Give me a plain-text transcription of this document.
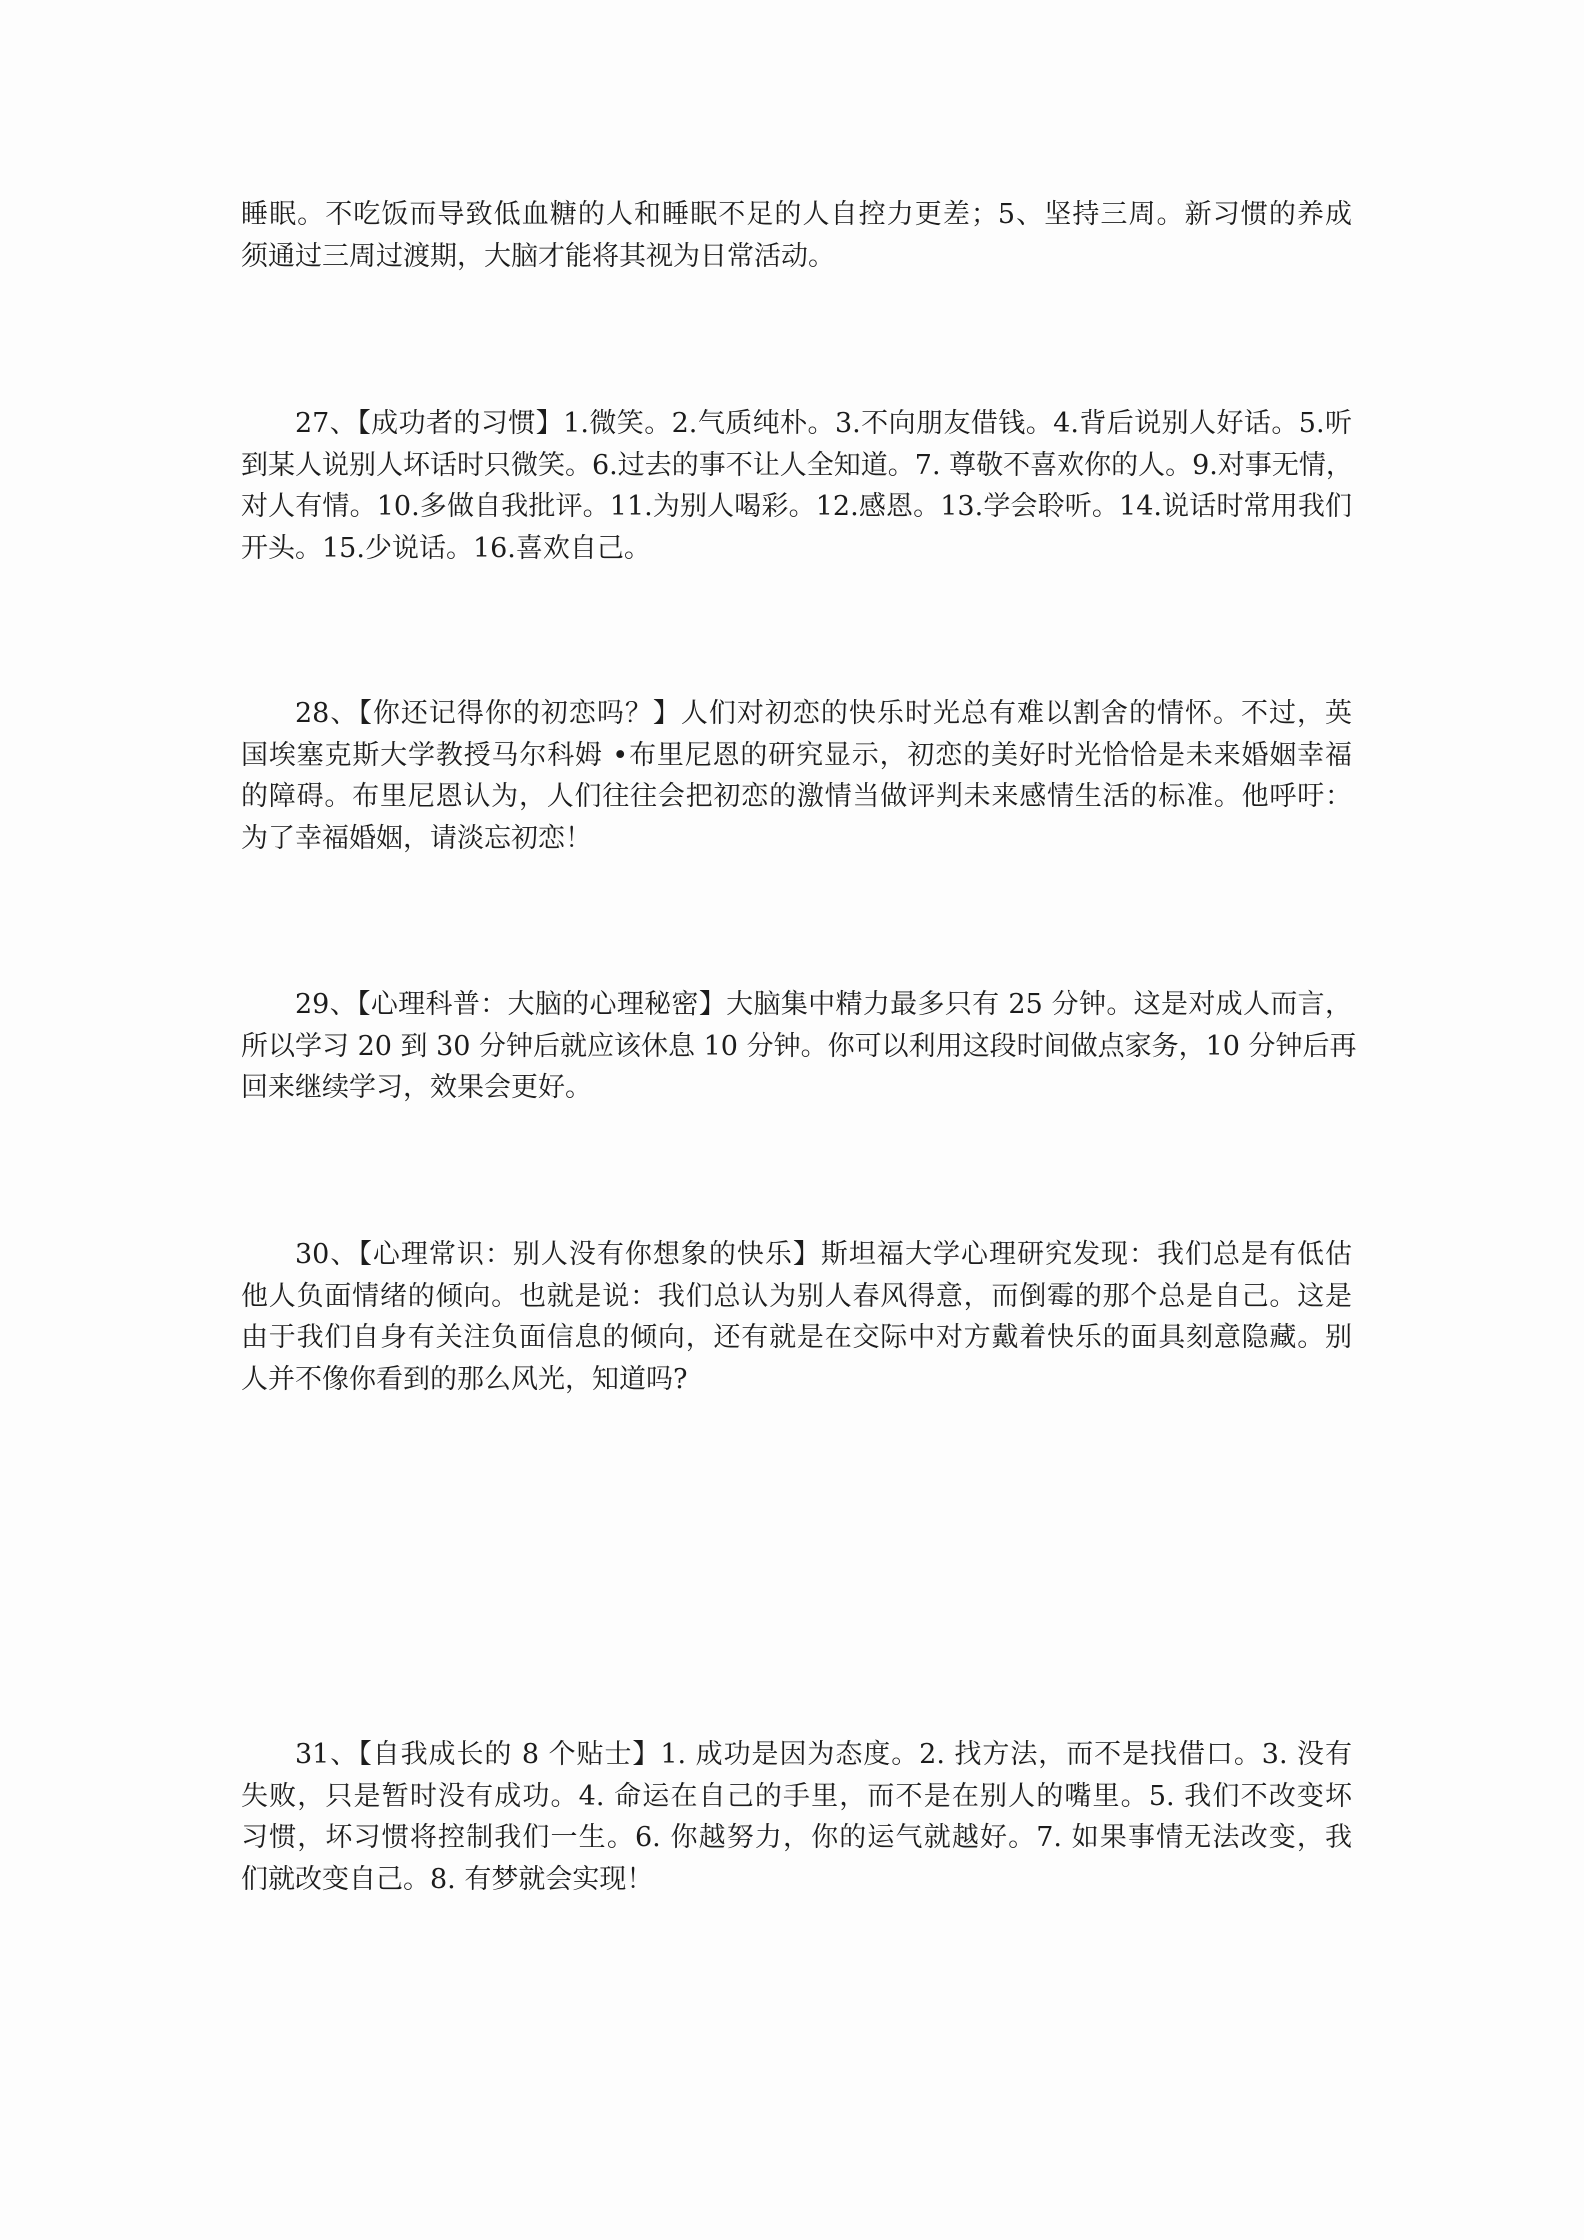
睡眠。不吃饭而导致低血糖的人和睡眠不足的人自控力更差；5、坚持三周。新习惯的养成
须通过三周过渡期，大脑才能将其视为日常活动。
27、【成功者的习惯】1.微笑。2.气质纯朴。3.不向朋友借钱。4.背后说别人好话。5.听
到某人说别人坏话时只微笑。6.过去的事不让人全知道。7. 尊敬不喜欢你的人。9.对事无情，
对人有情。10.多做自我批评。11.为别人喝彩。12.感恩。13.学会聆听。14.说话时常用我们
开头。15.少说话。16.喜欢自己。
28、【你还记得你的初恋吗？】人们对初恋的快乐时光总有难以割舍的情怀。不过，英
国埃塞克斯大学教授马尔科姆 •布里尼恩的研究显示，初恋的美好时光恰恰是未来婚姻幸福
的障碍。布里尼恩认为，人们往往会把初恋的激情当做评判未来感情生活的标准。他呼吁：
为了幸福婚姻，请淡忘初恋！
29、【心理科普：大脑的心理秘密】大脑集中精力最多只有 25 分钟。这是对成人而言，
所以学习 20 到 30 分钟后就应该休息 10 分钟。你可以利用这段时间做点家务，10 分钟后再
回来继续学习，效果会更好。
30、【心理常识：别人没有你想象的快乐】斯坦福大学心理研究发现：我们总是有低估
他人负面情绪的倾向。也就是说：我们总认为别人春风得意，而倒霉的那个总是自己。这是
由于我们自身有关注负面信息的倾向，还有就是在交际中对方戴着快乐的面具刻意隐藏。别
人并不像你看到的那么风光，知道吗?
31、【自我成长的 8 个贴士】1. 成功是因为态度。2. 找方法，而不是找借口。3. 没有
失败，只是暂时没有成功。4. 命运在自己的手里，而不是在别人的嘴里。5. 我们不改变坏
习惯，坏习惯将控制我们一生。6. 你越努力，你的运气就越好。7. 如果事情无法改变，我
们就改变自己。8. 有梦就会实现！
